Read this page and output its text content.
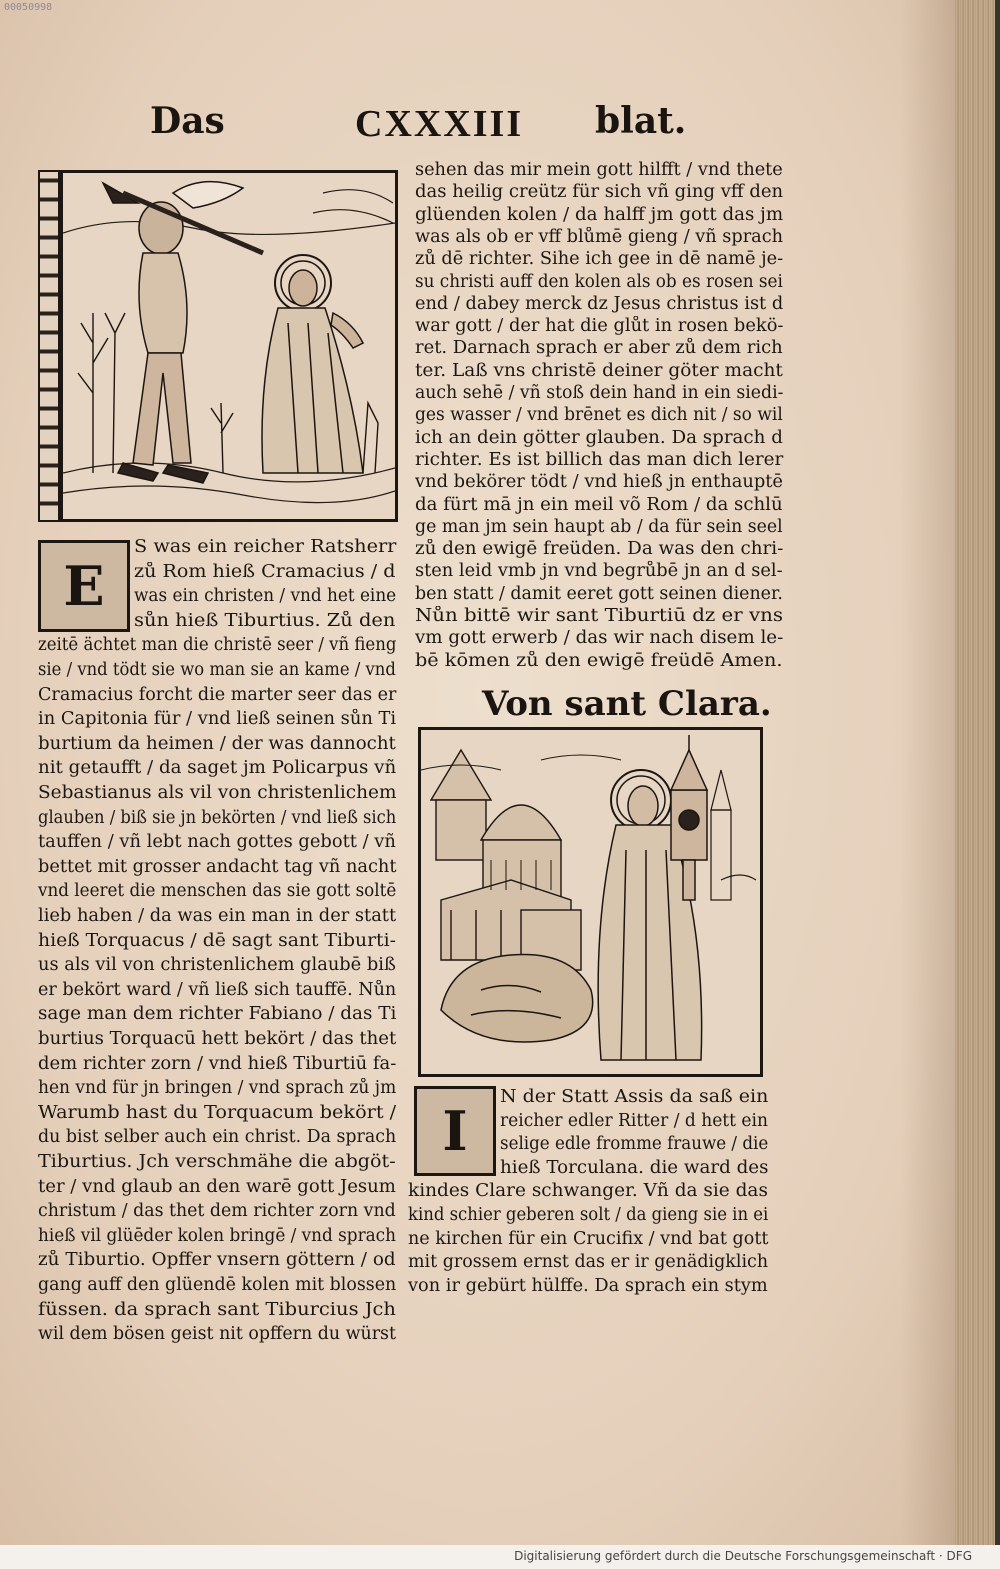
00050998
Das	CXXXIII blat.
E
S was ein reicher Ratsherr
zů Rom hieß Cramacius / d
was ein christen / vnd het eine
sůn hieß Tiburtius. Zů den
zeitē ächtet man die christē seer / vñ fieng
sie / vnd tödt sie wo man sie an kame / vnd
Cramacius forcht die marter seer das er
in Capitonia für / vnd ließ seinen sůn Ti
burtium da heimen / der was dannocht
nit getaufft / da saget jm Policarpus vñ
Sebastianus als vil von christenlichem
glauben / biß sie jn bekörten / vnd ließ sich
tauffen / vñ lebt nach gottes gebott / vñ
bettet mit grosser andacht tag vñ nacht
vnd leeret die menschen das sie gott soltē
lieb haben / da was ein man in der statt
hieß Torquacus / dē sagt sant Tiburti-
us als vil von christenlichem glaubē biß
er bekört ward / vñ ließ sich tauffē. Nůn
sage man dem richter Fabiano / das Ti
burtius Torquacū hett bekört / das thet
dem richter zorn / vnd hieß Tiburtiū fa-
hen vnd für jn bringen / vnd sprach zů jm
Warumb hast du Torquacum bekört /
du bist selber auch ein christ. Da sprach
Tiburtius. Jch verschmähe die abgöt-
ter / vnd glaub an den warē gott Jesum
christum / das thet dem richter zorn vnd
hieß vil glüēder kolen bringē / vnd sprach
zů Tiburtio. Opffer vnsern göttern / od
gang auff den glüendē kolen mit blossen
füssen. da sprach sant Tiburcius Jch
wil dem bösen geist nit opffern du würst
sehen das mir mein gott hilfft / vnd thete
das heilig creütz für sich vñ ging vff den
glüenden kolen / da halff jm gott das jm
was als ob er vff blůmē gieng / vñ sprach
zů dē richter. Sihe ich gee in dē namē je-
su christi auff den kolen als ob es rosen sei
end / dabey merck dz Jesus christus ist d
war gott / der hat die glůt in rosen bekö-
ret. Darnach sprach er aber zů dem rich
ter. Laß vns christē deiner göter macht
auch sehē / vñ stoß dein hand in ein siedi-
ges wasser / vnd brēnet es dich nit / so wil
ich an dein götter glauben. Da sprach d
richter. Es ist billich das man dich lerer
vnd bekörer tödt / vnd hieß jn enthauptē
da fürt mā jn ein meil võ Rom / da schlū
ge man jm sein haupt ab / da für sein seel
zů den ewigē freüden. Da was den chri-
sten leid vmb jn vnd begrůbē jn an d sel-
ben statt / damit eeret gott seinen diener.
Nůn bittē wir sant Tiburtiū dz er vns
vm gott erwerb / das wir nach disem le-
bē kōmen zů den ewigē freüdē Amen.
Von sant Clara.
I
N der Statt Assis da saß ein
reicher edler Ritter / d hett ein
selige edle fromme frauwe / die
hieß Torculana. die ward des
kindes Clare schwanger. Vñ da sie das
kind schier geberen solt / da gieng sie in ei
ne kirchen für ein Crucifix / vnd bat gott
mit grossem ernst das er ir genädigklich
von ir gebürt hülffe. Da sprach ein stym
Digitalisierung gefördert durch die Deutsche Forschungsgemeinschaft · DFG
